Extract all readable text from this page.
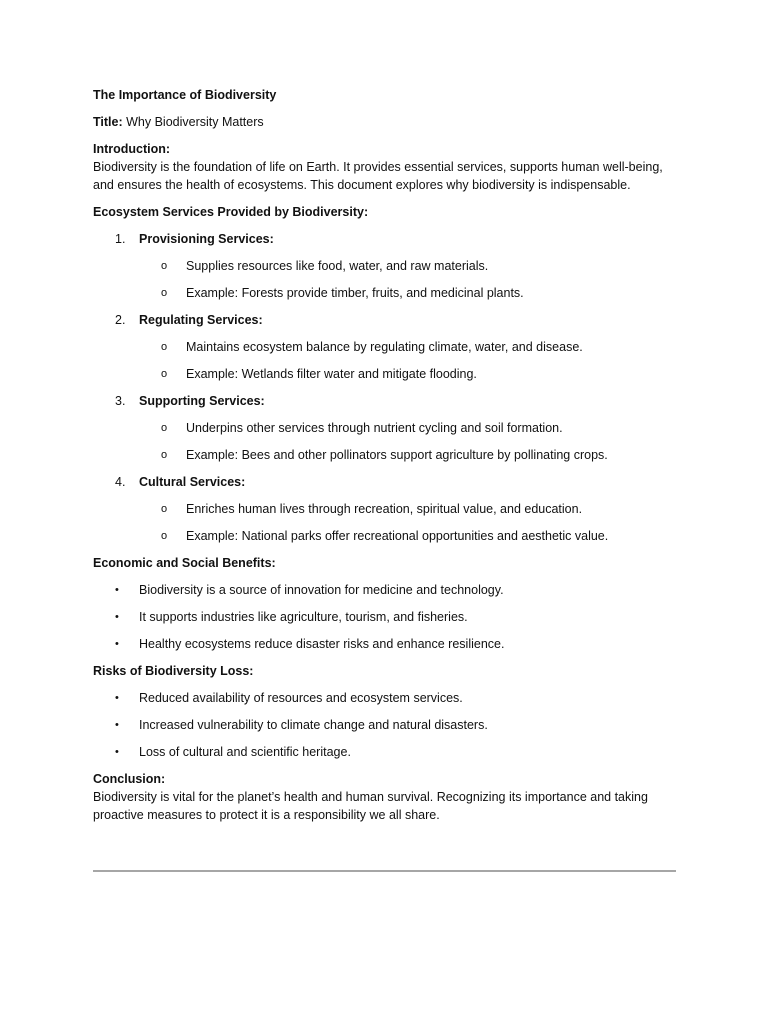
The Importance of Biodiversity

Title: Why Biodiversity Matters

Introduction:

Biodiversity is the foundation of life on Earth. It provides essential services, supports human well-being, and ensures the health of ecosystems. This document explores why biodiversity is indispensable.

Ecosystem Services Provided by Biodiversity:

1.	Provisioning Services:
o	Supplies resources like food, water, and raw materials.
o	Example: Forests provide timber, fruits, and medicinal plants.
2.	Regulating Services:
o	Maintains ecosystem balance by regulating climate, water, and disease.
o	Example: Wetlands filter water and mitigate flooding.
3.	Supporting Services:
o	Underpins other services through nutrient cycling and soil formation.
o	Example: Bees and other pollinators support agriculture by pollinating crops.
4.	Cultural Services:
o	Enriches human lives through recreation, spiritual value, and education.
o	Example: National parks offer recreational opportunities and aesthetic value.

Economic and Social Benefits:

•	Biodiversity is a source of innovation for medicine and technology.
•	It supports industries like agriculture, tourism, and fisheries.
•	Healthy ecosystems reduce disaster risks and enhance resilience.

Risks of Biodiversity Loss:

•	Reduced availability of resources and ecosystem services.
•	Increased vulnerability to climate change and natural disasters.
•	Loss of cultural and scientific heritage.

Conclusion:

Biodiversity is vital for the planet’s health and human survival. Recognizing its importance and taking proactive measures to protect it is a responsibility we all share.
